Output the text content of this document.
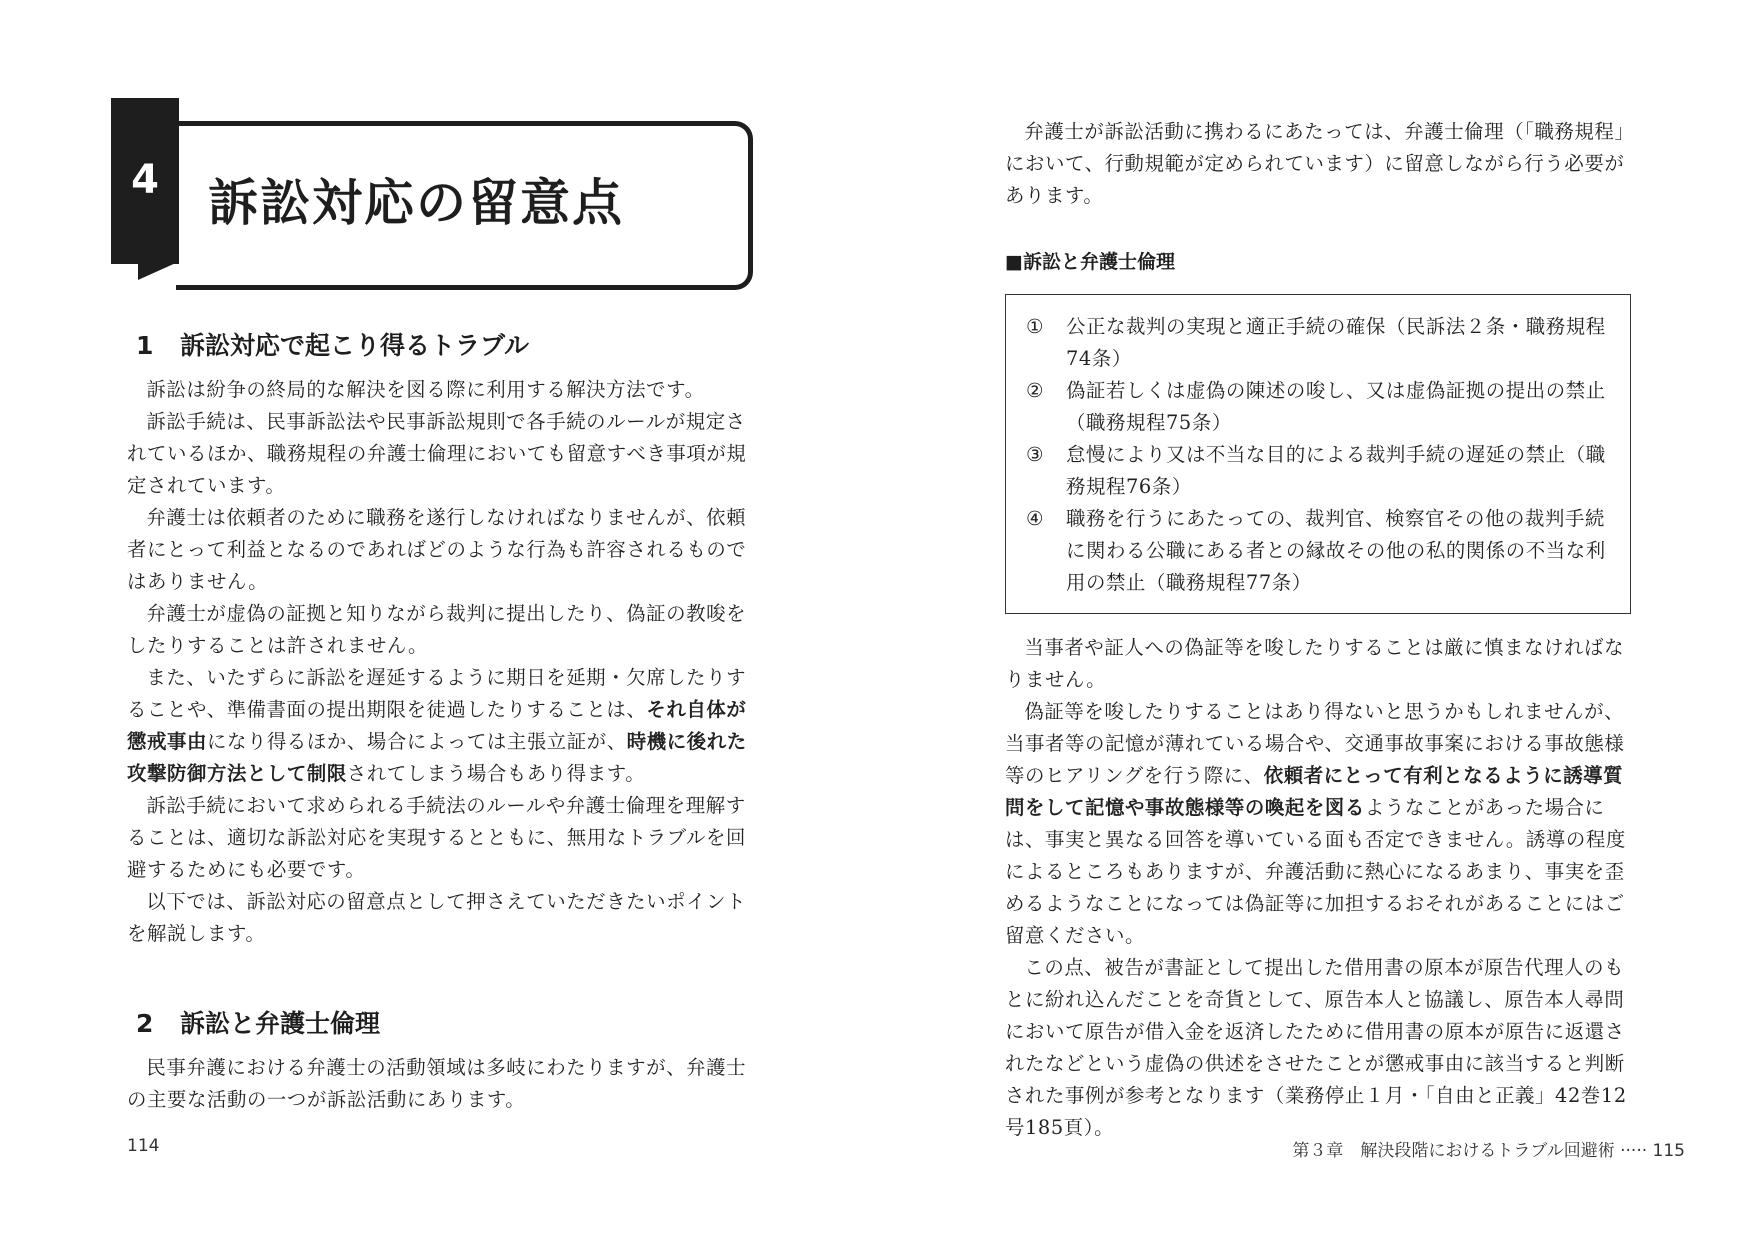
4 訴訟対応の留意点
1 訴訟対応で起こり得るトラブル

訴訟は紛争の終局的な解決を図る際に利用する解決方法です。

訴訟手続は、民事訴訟法や民事訴訟規則で各手続のルールが規定されているほか、職務規程の弁護士倫理においても留意すべき事項が規定されています。

弁護士は依頼者のために職務を遂行しなければなりませんが、依頼者にとって利益となるのであればどのような行為も許容されるものではありません。

弁護士が虚偽の証拠と知りながら裁判に提出したり、偽証の教唆をしたりすることは許されません。

また、いたずらに訴訟を遅延するように期日を延期・欠席したりすることや、準備書面の提出期限を徒過したりすることは、それ自体が懲戒事由になり得るほか、場合によっては主張立証が、時機に後れた攻撃防御方法として制限されてしまう場合もあり得ます。

訴訟手続において求められる手続法のルールや弁護士倫理を理解することは、適切な訴訟対応を実現するとともに、無用なトラブルを回避するためにも必要です。

以下では、訴訟対応の留意点として押さえていただきたいポイントを解説します。

2 訴訟と弁護士倫理

民事弁護における弁護士の活動領域は多岐にわたりますが、弁護士の主要な活動の一つが訴訟活動にあります。

114

弁護士が訴訟活動に携わるにあたっては、弁護士倫理（「職務規程」において、行動規範が定められています）に留意しながら行う必要があります。

■訴訟と弁護士倫理
①	公正な裁判の実現と適正手続の確保（民訴法２条・職務規程74条）
②	偽証若しくは虚偽の陳述の唆し、又は虚偽証拠の提出の禁止（職務規程75条）
③	怠慢により又は不当な目的による裁判手続の遅延の禁止（職務規程76条）
④	職務を行うにあたっての、裁判官、検察官その他の裁判手続に関わる公職にある者との縁故その他の私的関係の不当な利用の禁止（職務規程77条）

当事者や証人への偽証等を唆したりすることは厳に慎まなければなりません。

偽証等を唆したりすることはあり得ないと思うかもしれませんが、当事者等の記憶が薄れている場合や、交通事故事案における事故態様等のヒアリングを行う際に、依頼者にとって有利となるように誘導質問をして記憶や事故態様等の喚起を図るようなことがあった場合には、事実と異なる回答を導いている面も否定できません。誘導の程度によるところもありますが、弁護活動に熱心になるあまり、事実を歪めるようなことになっては偽証等に加担するおそれがあることにはご留意ください。

この点、被告が書証として提出した借用書の原本が原告代理人のもとに紛れ込んだことを奇貨として、原告本人と協議し、原告本人尋問において原告が借入金を返済したために借用書の原本が原告に返還されたなどという虚偽の供述をさせたことが懲戒事由に該当すると判断された事例が参考となります（業務停止１月・「自由と正義」42巻12号185頁）。

第３章　解決段階におけるトラブル回避術 ····· 115
